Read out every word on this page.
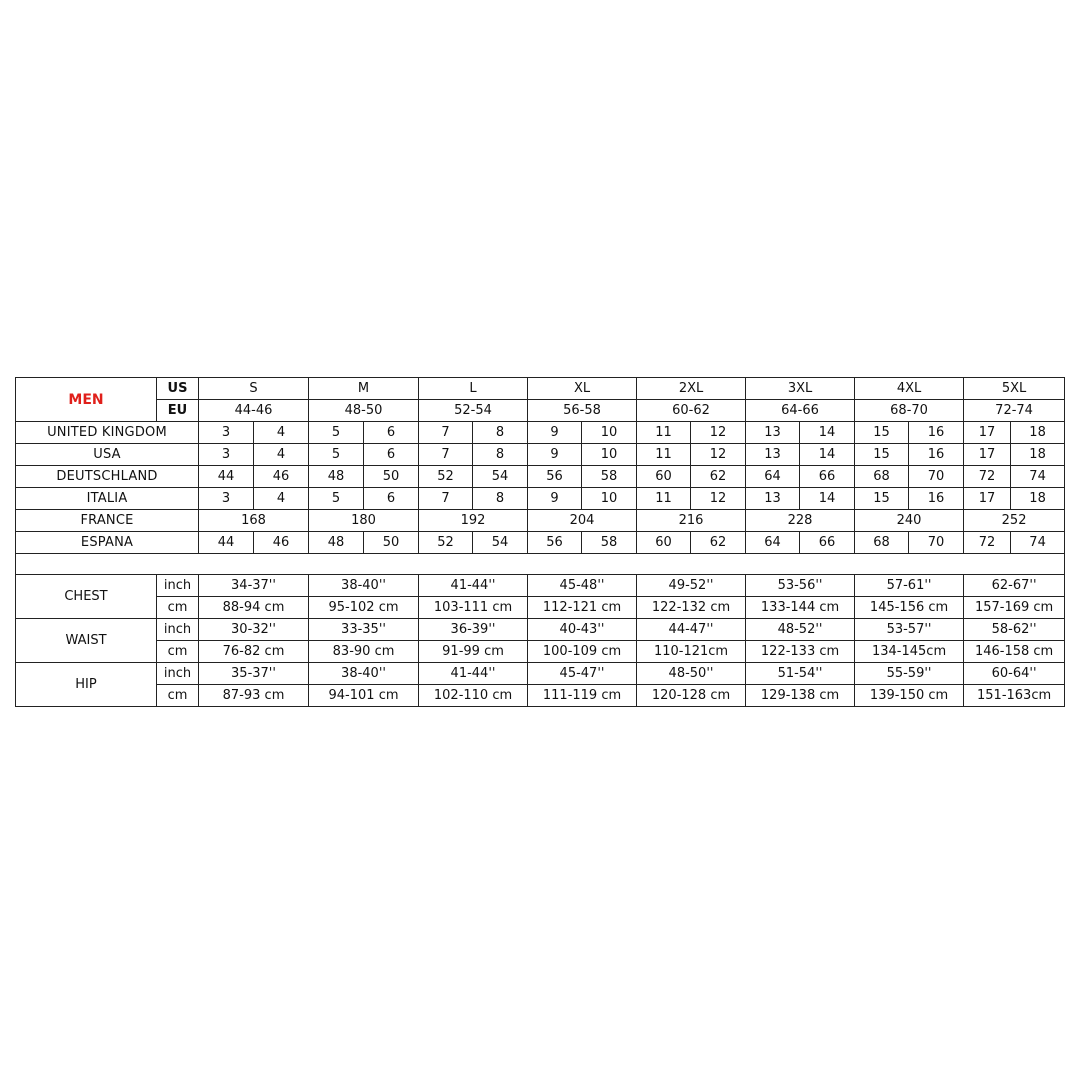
MEN	US	S		M		L		XL		2XL		3XL		4XL		5XL	
	EU	44-46		48-50		52-54		56-58		60-62		64-66		68-70		72-74	
UNITED KINGDOM		3	4	5	6	7	8	9	10	11	12	13	14	15	16	17	18
USA		3	4	5	6	7	8	9	10	11	12	13	14	15	16	17	18
DEUTSCHLAND		44	46	48	50	52	54	56	58	60	62	64	66	68	70	72	74
ITALIA		3	4	5	6	7	8	9	10	11	12	13	14	15	16	17	18
FRANCE		168		180		192		204		216		228		240		252	
ESPANA		44	46	48	50	52	54	56	58	60	62	64	66	68	70	72	74

CHEST	inch	34-37''		38-40''		41-44''		45-48''		49-52''		53-56''		57-61''		62-67''	
	cm	88-94 cm		95-102 cm		103-111 cm		112-121 cm		122-132 cm		133-144 cm		145-156 cm		157-169 cm	
WAIST	inch	30-32''		33-35''		36-39''		40-43''		44-47''		48-52''		53-57''		58-62''	
	cm	76-82 cm		83-90 cm		91-99 cm		100-109 cm		110-121cm		122-133 cm		134-145cm		146-158 cm	
HIP	inch	35-37''		38-40''		41-44''		45-47''		48-50''		51-54''		55-59''		60-64''	
	cm	87-93 cm		94-101 cm		102-110 cm		111-119 cm		120-128 cm		129-138 cm		139-150 cm		151-163cm	
